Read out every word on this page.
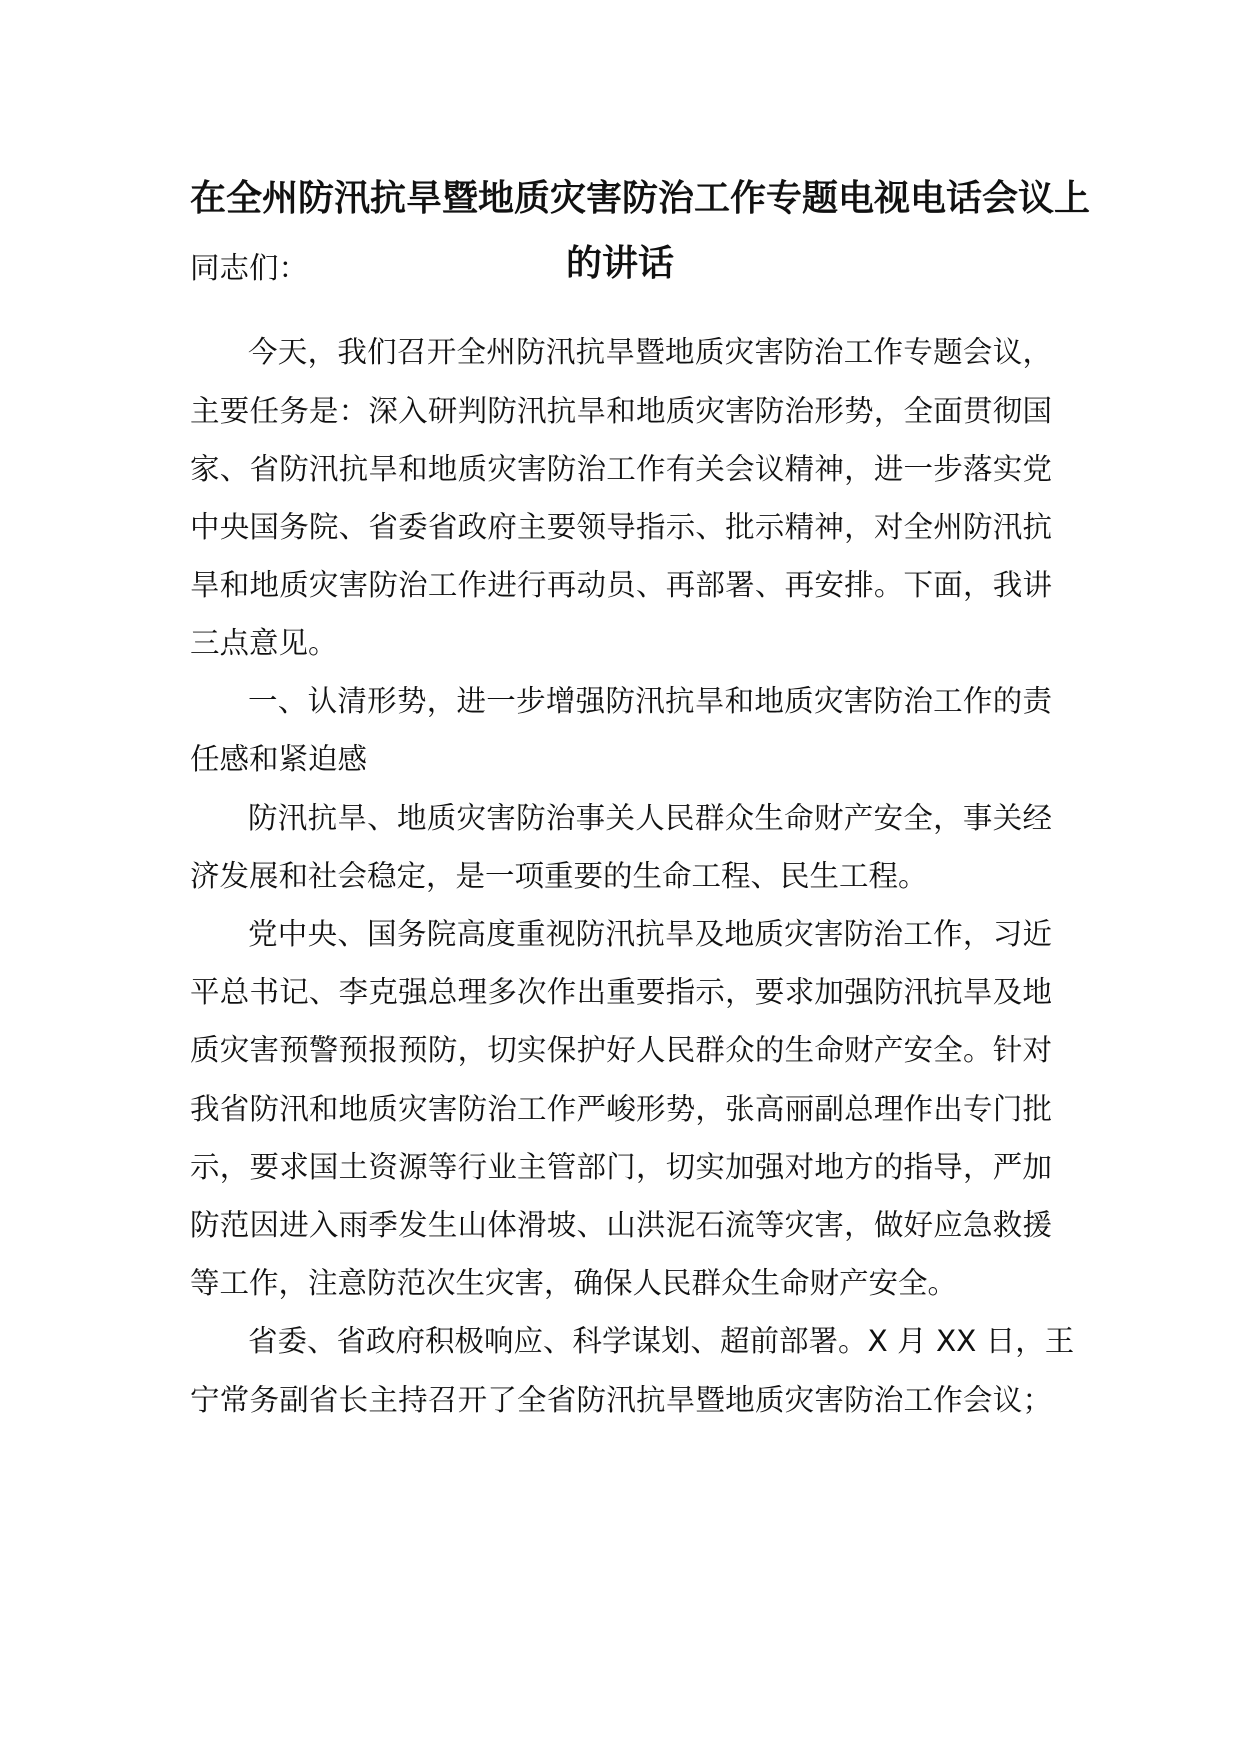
在全州防汛抗旱暨地质灾害防治工作专题电视电话会议上
的讲话
同志们：
今天，我们召开全州防汛抗旱暨地质灾害防治工作专题会议，
主要任务是：深入研判防汛抗旱和地质灾害防治形势，全面贯彻国
家、省防汛抗旱和地质灾害防治工作有关会议精神，进一步落实党
中央国务院、省委省政府主要领导指示、批示精神，对全州防汛抗
旱和地质灾害防治工作进行再动员、再部署、再安排。下面，我讲
三点意见。
一、认清形势，进一步增强防汛抗旱和地质灾害防治工作的责
任感和紧迫感
防汛抗旱、地质灾害防治事关人民群众生命财产安全，事关经
济发展和社会稳定，是一项重要的生命工程、民生工程。
党中央、国务院高度重视防汛抗旱及地质灾害防治工作，习近
平总书记、李克强总理多次作出重要指示，要求加强防汛抗旱及地
质灾害预警预报预防，切实保护好人民群众的生命财产安全。针对
我省防汛和地质灾害防治工作严峻形势，张高丽副总理作出专门批
示，要求国土资源等行业主管部门，切实加强对地方的指导，严加
防范因进入雨季发生山体滑坡、山洪泥石流等灾害，做好应急救援
等工作，注意防范次生灾害，确保人民群众生命财产安全。
省委、省政府积极响应、科学谋划、超前部署。X 月 XX 日，王
宁常务副省长主持召开了全省防汛抗旱暨地质灾害防治工作会议；
